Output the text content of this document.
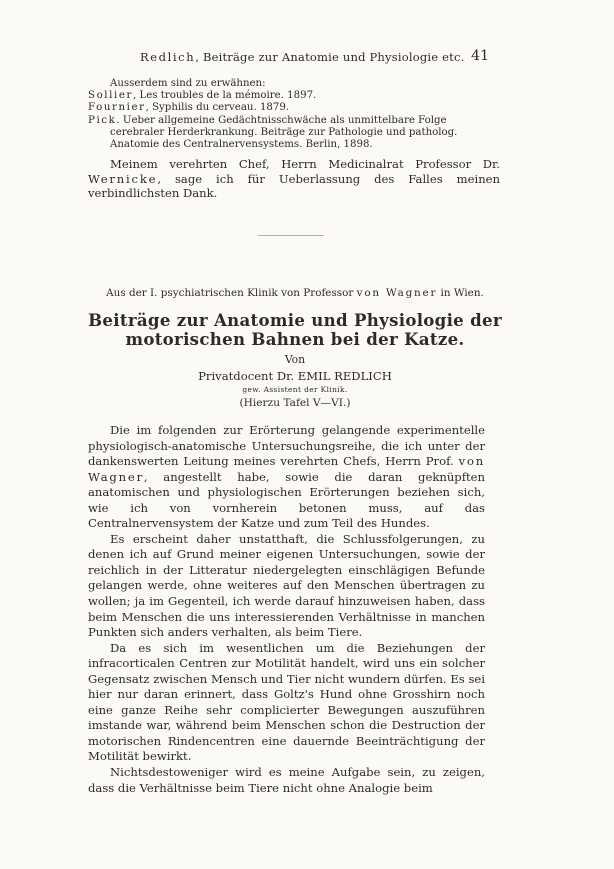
Redlich, Beiträge zur Anatomie und Physiologie etc. 41
Ausserdem sind zu erwähnen:
Sollier, Les troubles de la mémoire. 1897.
Fournier, Syphilis du cerveau. 1879.
Pick. Ueber allgemeine Gedächtnisschwäche als unmittelbare Folge
cerebraler Herderkrankung. Beiträge zur Pathologie und patholog.
Anatomie des Centralnervensystems. Berlin, 1898.

Meinem verehrten Chef, Herrn Medicinalrat Professor Dr. Wernicke, sage ich für Ueberlassung des Falles meinen verbindlichsten Dank.

Aus der I. psychiatrischen Klinik von Professor von Wagner in Wien.
Beiträge zur Anatomie und Physiologie der
motorischen Bahnen bei der Katze.
Von
Privatdocent Dr. EMIL REDLICH
gew. Assistent der Klinik.
(Hierzu Tafel V—VI.)

Die im folgenden zur Erörterung gelangende experimentelle physiologisch-anatomische Untersuchungsreihe, die ich unter der dankenswerten Leitung meines verehrten Chefs, Herrn Prof. von Wagner, angestellt habe, sowie die daran geknüpften anatomischen und physiologischen Erörterungen beziehen sich, wie ich von vornherein betonen muss, auf das Centralnervensystem der Katze und zum Teil des Hundes.

Es erscheint daher unstatthaft, die Schlussfolgerungen, zu denen ich auf Grund meiner eigenen Untersuchungen, sowie der reichlich in der Litteratur niedergelegten einschlägigen Befunde gelangen werde, ohne weiteres auf den Menschen übertragen zu wollen; ja im Gegenteil, ich werde darauf hinzuweisen haben, dass beim Menschen die uns interessierenden Verhältnisse in manchen Punkten sich anders verhalten, als beim Tiere.

Da es sich im wesentlichen um die Beziehungen der infracorticalen Centren zur Motilität handelt, wird uns ein solcher Gegensatz zwischen Mensch und Tier nicht wundern dürfen. Es sei hier nur daran erinnert, dass Goltz's Hund ohne Grosshirn noch eine ganze Reihe sehr complicierter Bewegungen auszuführen imstande war, während beim Menschen schon die Destruction der motorischen Rindencentren eine dauernde Beeinträchtigung der Motilität bewirkt.

Nichtsdestoweniger wird es meine Aufgabe sein, zu zeigen, dass die Verhältnisse beim Tiere nicht ohne Analogie beim
